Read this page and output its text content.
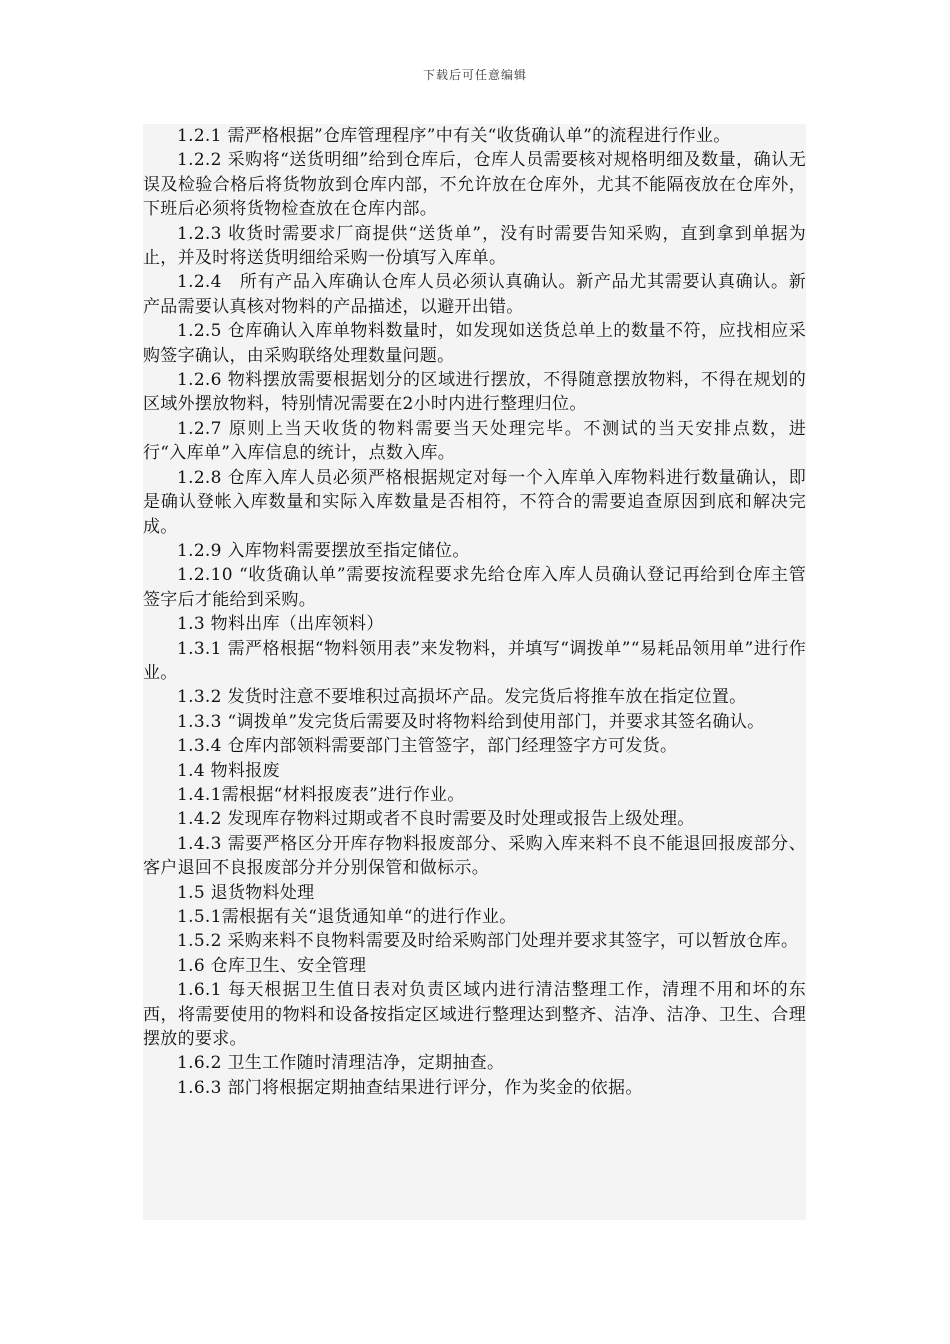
下载后可任意编辑

1.2.1 需严格根据”仓库管理程序”中有关“收货确认单”的流程进行作业。

1.2.2 采购将“送货明细”给到仓库后，仓库人员需要核对规格明细及数量，确认无误及检验合格后将货物放到仓库内部，不允许放在仓库外，尤其不能隔夜放在仓库外，下班后必须将货物检查放在仓库内部。

1.2.3 收货时需要求厂商提供“送货单”，没有时需要告知采购，直到拿到单据为止，并及时将送货明细给采购一份填写入库单。

1.2.4　所有产品入库确认仓库人员必须认真确认。新产品尤其需要认真确认。新产品需要认真核对物料的产品描述，以避开出错。

1.2.5 仓库确认入库单物料数量时，如发现如送货总单上的数量不符，应找相应采购签字确认，由采购联络处理数量问题。

1.2.6 物料摆放需要根据划分的区域进行摆放，不得随意摆放物料，不得在规划的区域外摆放物料，特别情况需要在2小时内进行整理归位。

1.2.7 原则上当天收货的物料需要当天处理完毕。不测试的当天安排点数，进行“入库单”入库信息的统计，点数入库。

1.2.8 仓库入库人员必须严格根据规定对每一个入库单入库物料进行数量确认，即是确认登帐入库数量和实际入库数量是否相符，不符合的需要追查原因到底和解决完成。

1.2.9 入库物料需要摆放至指定储位。

1.2.10 “收货确认单”需要按流程要求先给仓库入库人员确认登记再给到仓库主管签字后才能给到采购。

1.3 物料出库（出库领料）

1.3.1 需严格根据“物料领用表”来发物料，并填写“调拨单”“易耗品领用单”进行作业。

1.3.2 发货时注意不要堆积过高损坏产品。发完货后将推车放在指定位置。

1.3.3 “调拨单”发完货后需要及时将物料给到使用部门，并要求其签名确认。

1.3.4 仓库内部领料需要部门主管签字，部门经理签字方可发货。

1.4 物料报废

1.4.1需根据“材料报废表”进行作业。

1.4.2 发现库存物料过期或者不良时需要及时处理或报告上级处理。

1.4.3 需要严格区分开库存物料报废部分、采购入库来料不良不能退回报废部分、客户退回不良报废部分并分别保管和做标示。

1.5 退货物料处理

1.5.1需根据有关“退货通知单“的进行作业。

1.5.2 采购来料不良物料需要及时给采购部门处理并要求其签字，可以暂放仓库。

1.6 仓库卫生、安全管理

1.6.1 每天根据卫生值日表对负责区域内进行清洁整理工作，清理不用和坏的东西，将需要使用的物料和设备按指定区域进行整理达到整齐、洁净、洁净、卫生、合理摆放的要求。

1.6.2 卫生工作随时清理洁净，定期抽查。

1.6.3 部门将根据定期抽查结果进行评分，作为奖金的依据。
